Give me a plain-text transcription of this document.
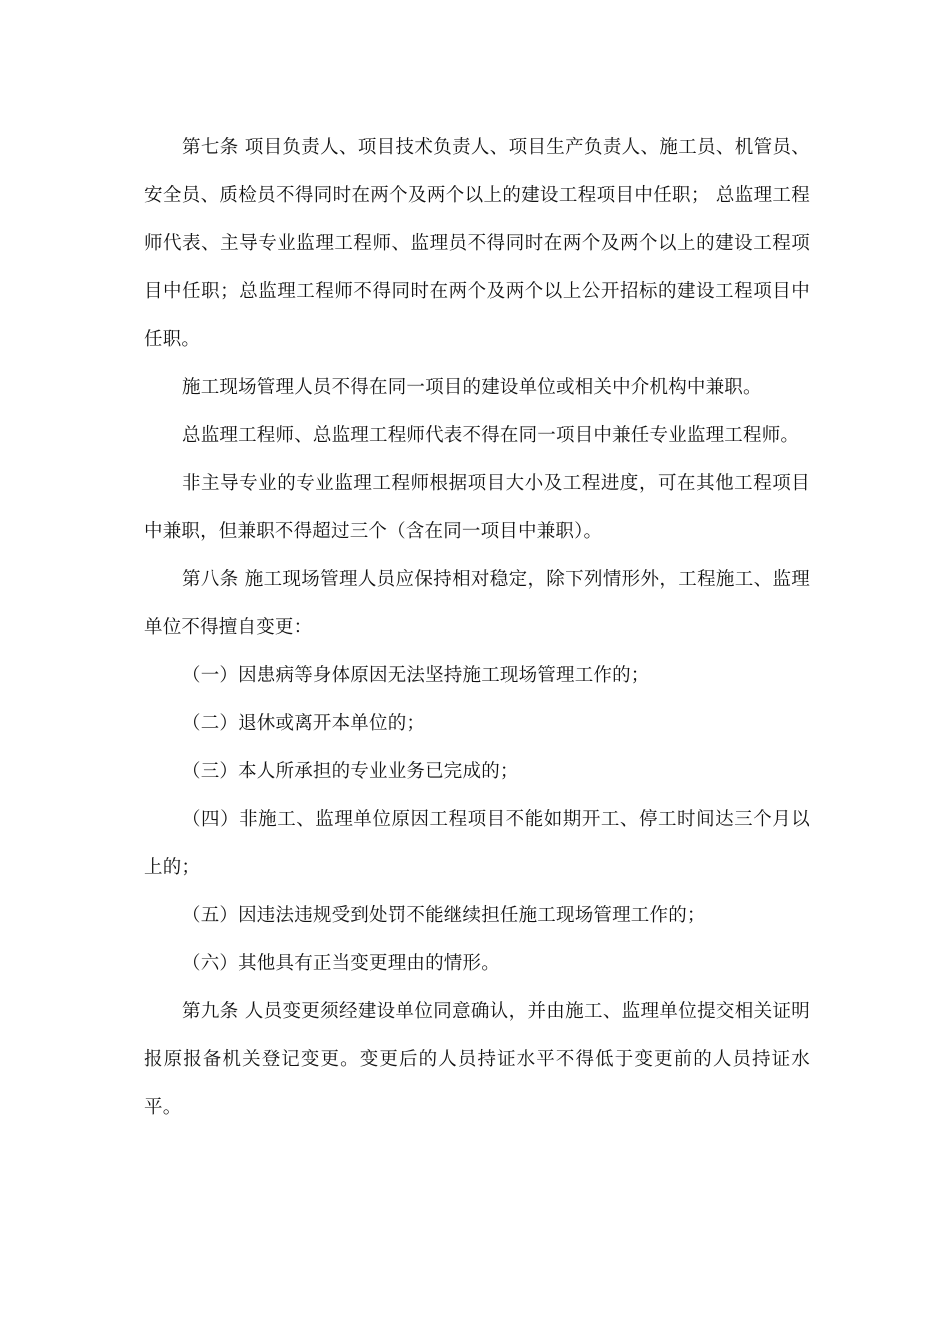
第七条 项目负责人、项目技术负责人、项目生产负责人、施工员、机管员、安全员、质检员不得同时在两个及两个以上的建设工程项目中任职； 总监理工程师代表、主导专业监理工程师、监理员不得同时在两个及两个以上的建设工程项目中任职；总监理工程师不得同时在两个及两个以上公开招标的建设工程项目中任职。

施工现场管理人员不得在同一项目的建设单位或相关中介机构中兼职。

总监理工程师、总监理工程师代表不得在同一项目中兼任专业监理工程师。

非主导专业的专业监理工程师根据项目大小及工程进度，可在其他工程项目中兼职，但兼职不得超过三个（含在同一项目中兼职）。

第八条 施工现场管理人员应保持相对稳定，除下列情形外，工程施工、监理单位不得擅自变更：

（一）因患病等身体原因无法坚持施工现场管理工作的；

（二）退休或离开本单位的；

（三）本人所承担的专业业务已完成的；

（四）非施工、监理单位原因工程项目不能如期开工、停工时间达三个月以上的；

（五）因违法违规受到处罚不能继续担任施工现场管理工作的；

（六）其他具有正当变更理由的情形。

第九条 人员变更须经建设单位同意确认，并由施工、监理单位提交相关证明报原报备机关登记变更。变更后的人员持证水平不得低于变更前的人员持证水平。
